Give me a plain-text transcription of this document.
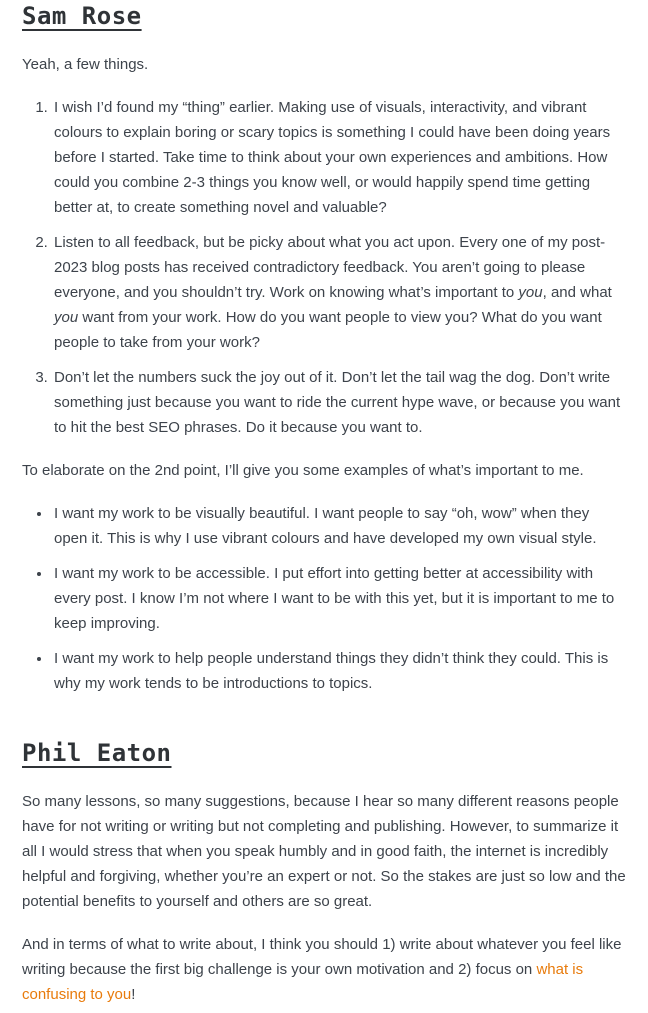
Sam Rose

Yeah, a few things.

1. I wish I’d found my “thing” earlier. Making use of visuals, interactivity, and vibrant colours to explain boring or scary topics is something I could have been doing years before I started. Take time to think about your own experiences and ambitions. How could you combine 2-3 things you know well, or would happily spend time getting better at, to create something novel and valuable?
2. Listen to all feedback, but be picky about what you act upon. Every one of my post-2023 blog posts has received contradictory feedback. You aren’t going to please everyone, and you shouldn’t try. Work on knowing what’s important to you, and what you want from your work. How do you want people to view you? What do you want people to take from your work?
3. Don’t let the numbers suck the joy out of it. Don’t let the tail wag the dog. Don’t write something just because you want to ride the current hype wave, or because you want to hit the best SEO phrases. Do it because you want to.

To elaborate on the 2nd point, I’ll give you some examples of what’s important to me.

• I want my work to be visually beautiful. I want people to say “oh, wow” when they open it. This is why I use vibrant colours and have developed my own visual style.
• I want my work to be accessible. I put effort into getting better at accessibility with every post. I know I’m not where I want to be with this yet, but it is important to me to keep improving.
• I want my work to help people understand things they didn’t think they could. This is why my work tends to be introductions to topics.
Phil Eaton

So many lessons, so many suggestions, because I hear so many different reasons people have for not writing or writing but not completing and publishing. However, to summarize it all I would stress that when you speak humbly and in good faith, the internet is incredibly helpful and forgiving, whether you’re an expert or not. So the stakes are just so low and the potential benefits to yourself and others are so great.

And in terms of what to write about, I think you should 1) write about whatever you feel like writing because the first big challenge is your own motivation and 2) focus on what is confusing to you!
